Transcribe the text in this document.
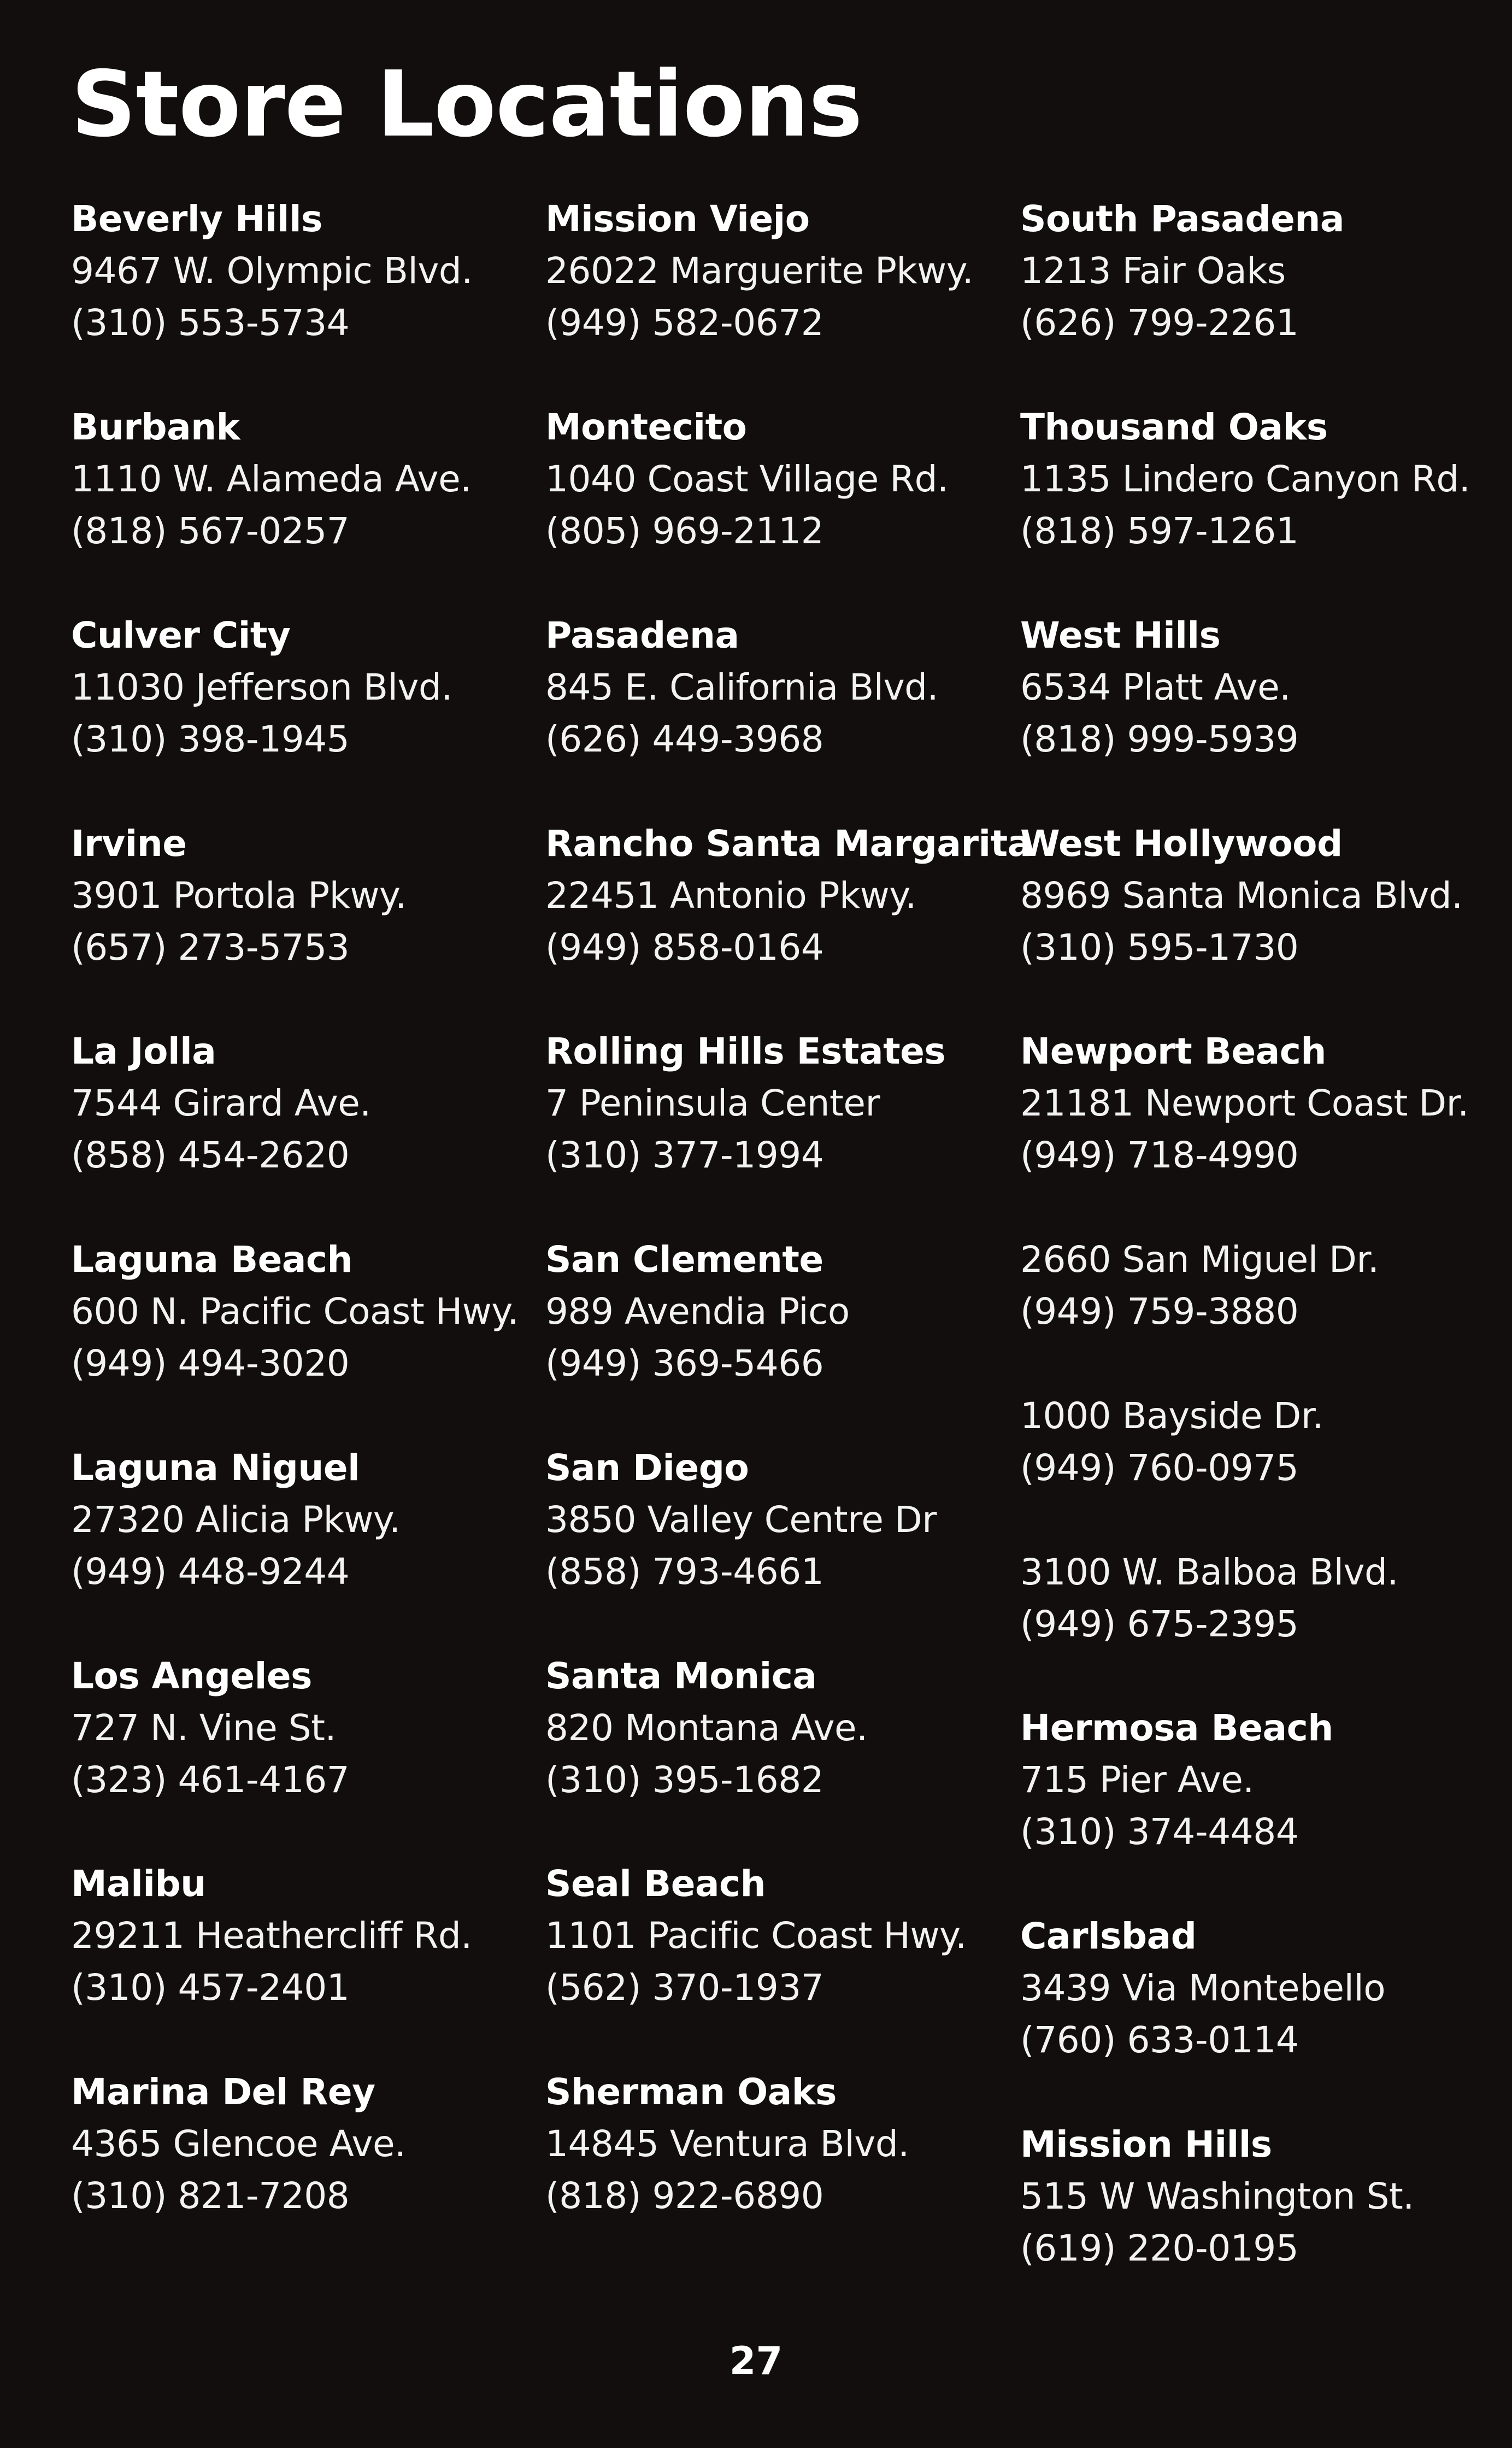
Store Locations
Beverly Hills
9467 W. Olympic Blvd.
(310) 553-5734
Burbank
1110 W. Alameda Ave.
(818) 567-0257
Culver City
11030 Jefferson Blvd.
(310) 398-1945
Irvine
3901 Portola Pkwy.
(657) 273-5753
La Jolla
7544 Girard Ave.
(858) 454-2620
Laguna Beach
600 N. Pacific Coast Hwy.
(949) 494-3020
Laguna Niguel
27320 Alicia Pkwy.
(949) 448-9244
Los Angeles
727 N. Vine St.
(323) 461-4167
Malibu
29211 Heathercliff Rd.
(310) 457-2401
Marina Del Rey
4365 Glencoe Ave.
(310) 821-7208
Mission Viejo
26022 Marguerite Pkwy.
(949) 582-0672
Montecito
1040 Coast Village Rd.
(805) 969-2112
Pasadena
845 E. California Blvd.
(626) 449-3968
Rancho Santa Margarita
22451 Antonio Pkwy.
(949) 858-0164
Rolling Hills Estates
7 Peninsula Center
(310) 377-1994
San Clemente
989 Avendia Pico
(949) 369-5466
San Diego
3850 Valley Centre Dr
(858) 793-4661
Santa Monica
820 Montana Ave.
(310) 395-1682
Seal Beach
1101 Pacific Coast Hwy.
(562) 370-1937
Sherman Oaks
14845 Ventura Blvd.
(818) 922-6890
South Pasadena
1213 Fair Oaks
(626) 799-2261
Thousand Oaks
1135 Lindero Canyon Rd.
(818) 597-1261
West Hills
6534 Platt Ave.
(818) 999-5939
West Hollywood
8969 Santa Monica Blvd.
(310) 595-1730
Newport Beach
21181 Newport Coast Dr.
(949) 718-4990
2660 San Miguel Dr.
(949) 759-3880
1000 Bayside Dr.
(949) 760-0975
3100 W. Balboa Blvd.
(949) 675-2395
Hermosa Beach
715 Pier Ave.
(310) 374-4484
Carlsbad
3439 Via Montebello
(760) 633-0114
Mission Hills
515 W Washington St.
(619) 220-0195
27
